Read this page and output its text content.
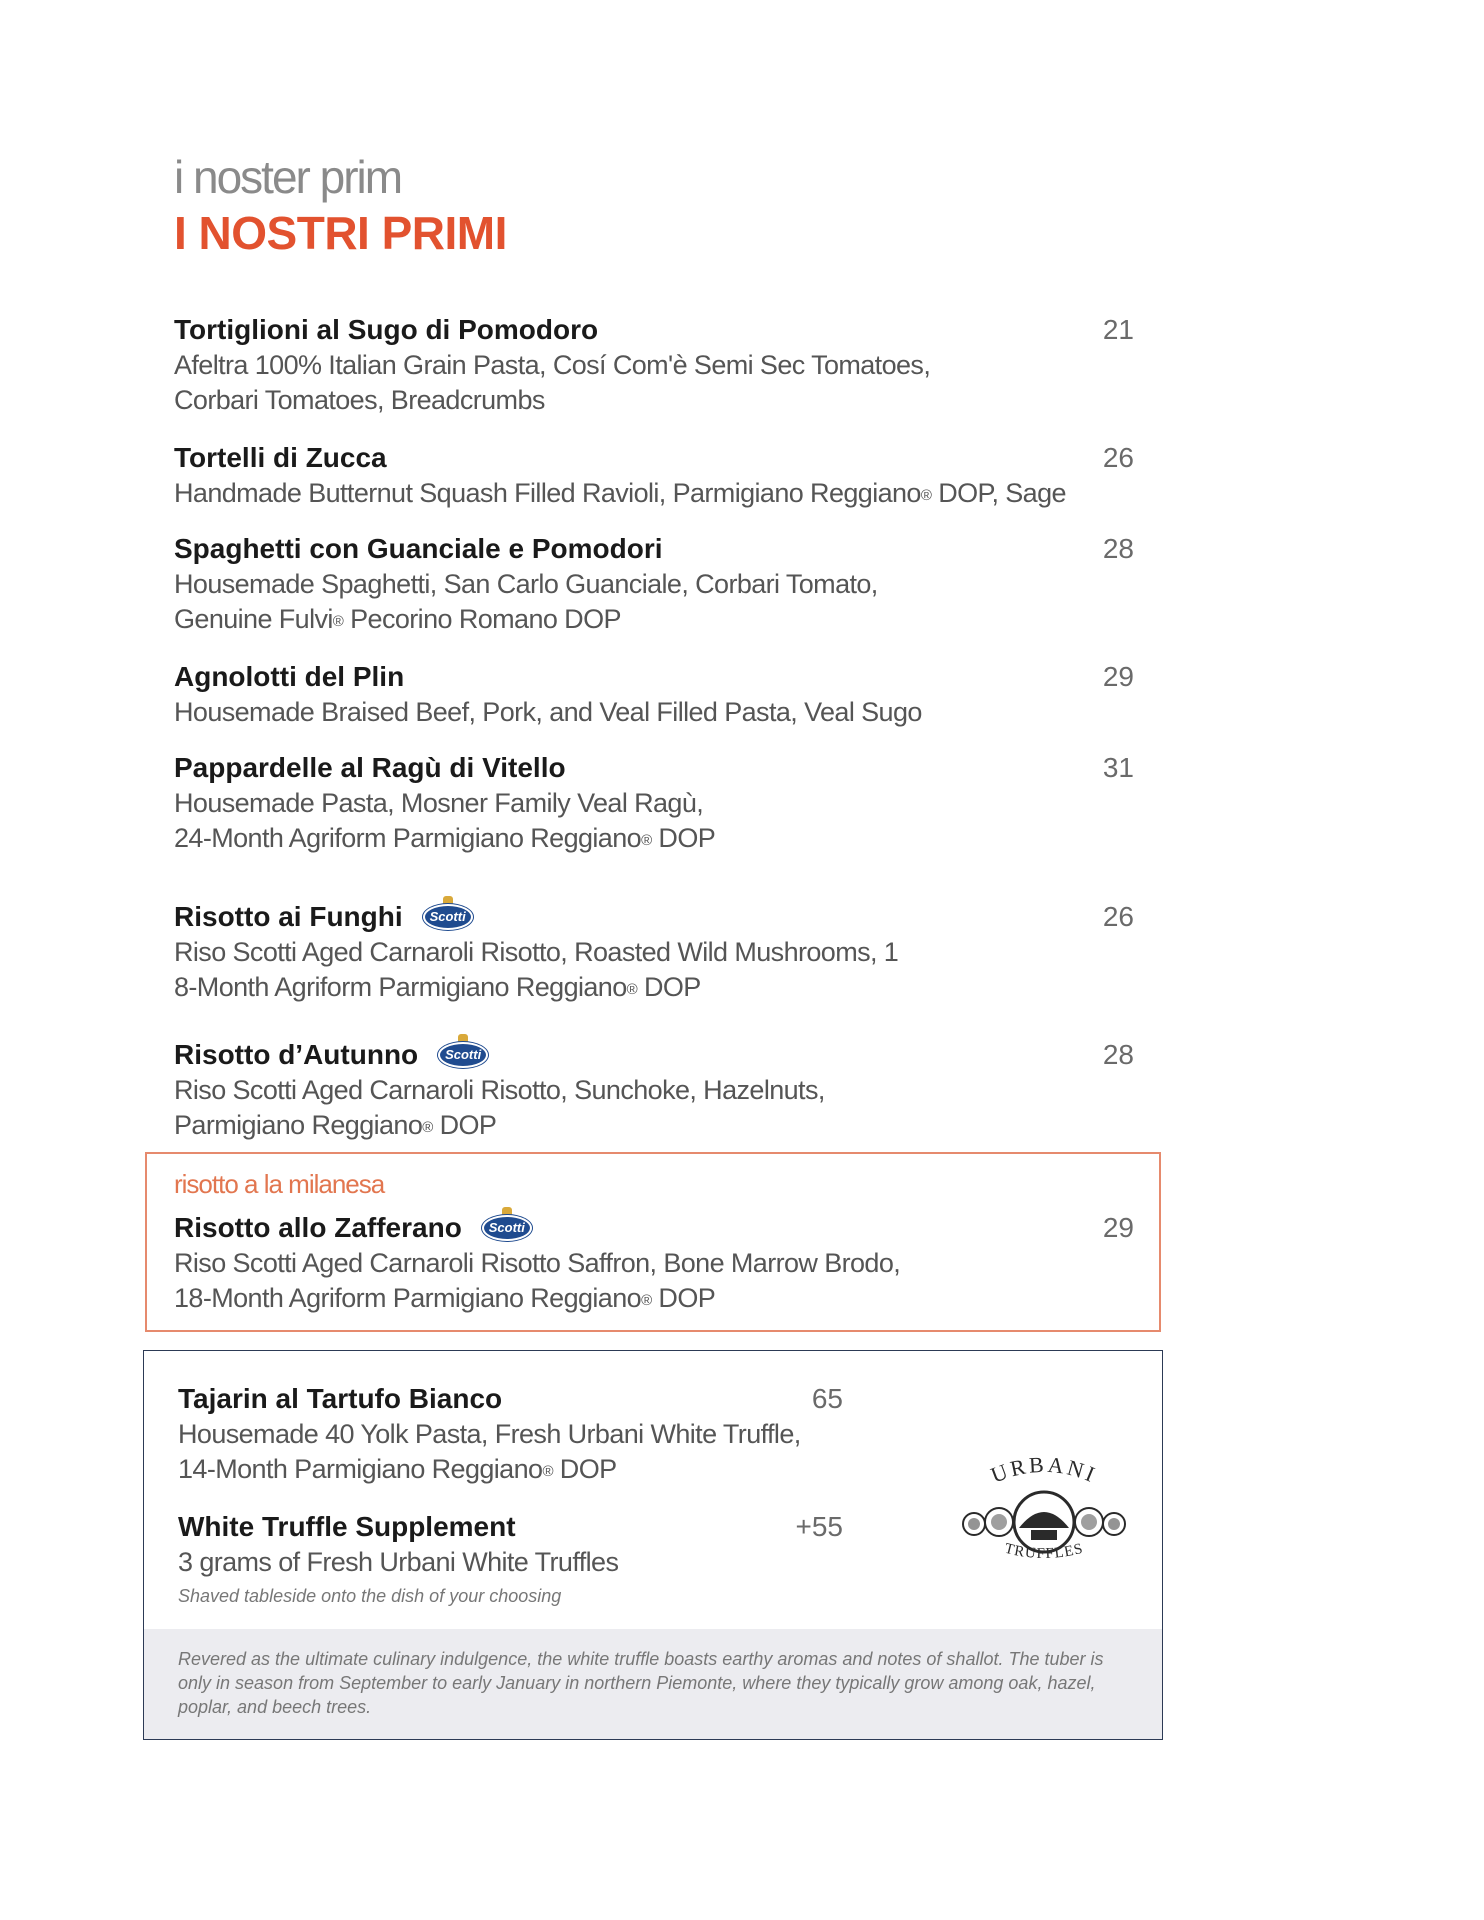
i noster prim
I NOSTRI PRIMI
Tortiglioni al Sugo di Pomodoro	21
Afeltra 100% Italian Grain Pasta, Cosí Com'è Semi Sec Tomatoes,
Corbari Tomatoes, Breadcrumbs
Tortelli di Zucca	26
Handmade Butternut Squash Filled Ravioli, Parmigiano Reggiano® DOP, Sage
Spaghetti con Guanciale e Pomodori	28
Housemade Spaghetti, San Carlo Guanciale, Corbari Tomato,
Genuine Fulvi® Pecorino Romano DOP
Agnolotti del Plin	29
Housemade Braised Beef, Pork, and Veal Filled Pasta, Veal Sugo
Pappardelle al Ragù di Vitello	31
Housemade Pasta, Mosner Family Veal Ragù,
24-Month Agriform Parmigiano Reggiano® DOP
Risotto ai Funghi	Scotti	26
Riso Scotti Aged Carnaroli Risotto, Roasted Wild Mushrooms, 1
8-Month Agriform Parmigiano Reggiano® DOP
Risotto d’Autunno	Scotti	28
Riso Scotti Aged Carnaroli Risotto, Sunchoke, Hazelnuts,
Parmigiano Reggiano® DOP
risotto a la milanesa
Risotto allo Zafferano	Scotti	29
Riso Scotti Aged Carnaroli Risotto Saffron, Bone Marrow Brodo,
18-Month Agriform Parmigiano Reggiano® DOP
Tajarin al Tartufo Bianco	65
Housemade 40 Yolk Pasta, Fresh Urbani White Truffle,
14-Month Parmigiano Reggiano® DOP
White Truffle Supplement	+55
3 grams of Fresh Urbani White Truffles
Shaved tableside onto the dish of your choosing
URBANI
TRUFFLES
Revered as the ultimate culinary indulgence, the white truffle boasts earthy aromas and notes of shallot. The tuber is only in season from September to early January in northern Piemonte, where they typically grow among oak, hazel, poplar, and beech trees.
